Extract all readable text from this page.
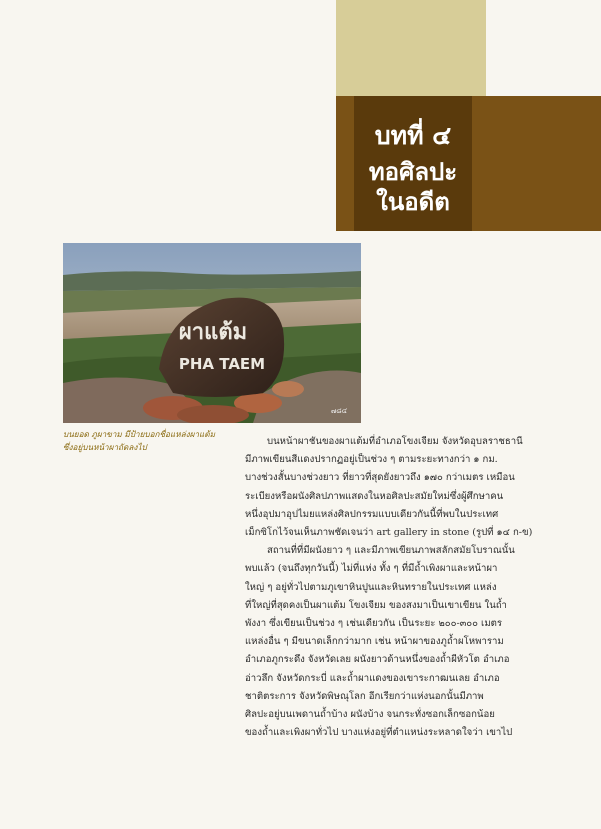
บทที่ ๔
ทอศิลปะ
ในอดีต
ผาแต้ม
PHA TAEM
๗๘๔
บนยอด ภูผาขาม มีป้ายบอกชื่อแหล่งผาแต้ม
ซึ่งอยู่บนหน้าผาถัดลงไป	บนหน้าผาชันของผาแต้มที่อำเภอโขงเจียม จังหวัดอุบลราชธานี
มีภาพเขียนสีแดงปรากฏอยู่เป็นช่วง ๆ ตามระยะทางกว่า ๑ กม.
บางช่วงสั้นบางช่วงยาว ที่ยาวที่สุดยังยาวถึง ๑๗๐ กว่าเมตร เหมือน
ระเบียงหรือผนังศิลปภาพแสดงในหอศิลปะสมัยใหม่ซึ่งผู้ศึกษาคน
หนึ่งอุปมาอุปไมยแหล่งศิลปกรรมแบบเดียวกันนี้ที่พบในประเทศ
เม็กซิโกไว้จนเห็นภาพชัดเจนว่า art gallery in stone (รูปที่ ๑๔ ก-ข)
สถานที่ที่มีผนังยาว ๆ และมีภาพเขียนภาพสลักสมัยโบราณนั้น
พบแล้ว (จนถึงทุกวันนี้) ไม่ที่แห่ง ทั้ง ๆ ที่มีถ้ำเพิงผาและหน้าผา
ใหญ่ ๆ อยู่ทั่วไปตามภูเขาหินปูนและหินทรายในประเทศ แหล่ง
ที่ใหญ่ที่สุดคงเป็นผาแต้ม โขงเจียม ของสงมาเป็นเขาเขียน ในถ้ำ
พังงา ซึ่งเขียนเป็นช่วง ๆ เช่นเดียวกัน เป็นระยะ ๒๐๐-๓๐๐ เมตร
แหล่งอื่น ๆ มีขนาดเล็กกว่ามาก เช่น หน้าผาของภูถ้ำผโหพาราม
อำเภอภูกระดึง จังหวัดเลย ผนังยาวด้านหนึ่งของถ้ำผีหัวโต อำเภอ
อ่าวลึก จังหวัดกระบี่ และถ้ำผาแดงของเขาระกาฒนเลย อำเภอ
ชาติตระการ จังหวัดพิษณุโลก อีกเรียกว่าแห่งนอกนั้นมีภาพ
ศิลปะอยู่บนเพดานถ้ำบ้าง ผนังบ้าง จนกระทั่งซอกเล็กซอกน้อย
ของถ้ำและเพิงผาทั่วไป บางแห่งอยู่ที่ตำแหน่งระหลาดใจว่า เขาไป
